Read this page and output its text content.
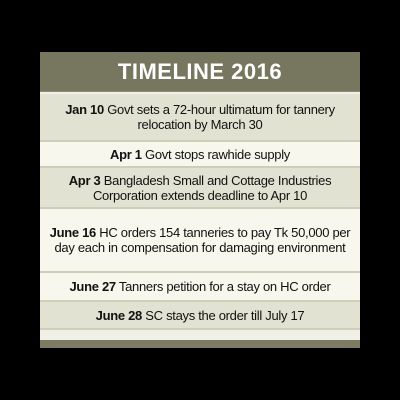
TIMELINE 2016
Jan 10 Govt sets a 72-hour ultimatum for tannery relocation by March 30
Apr 1 Govt stops rawhide supply
Apr 3 Bangladesh Small and Cottage Industries Corporation extends deadline to Apr 10
June 16 HC orders 154 tanneries to pay Tk 50,000 per day each in compensation for damaging environment
June 27 Tanners petition for a stay on HC order
June 28 SC stays the order till July 17
